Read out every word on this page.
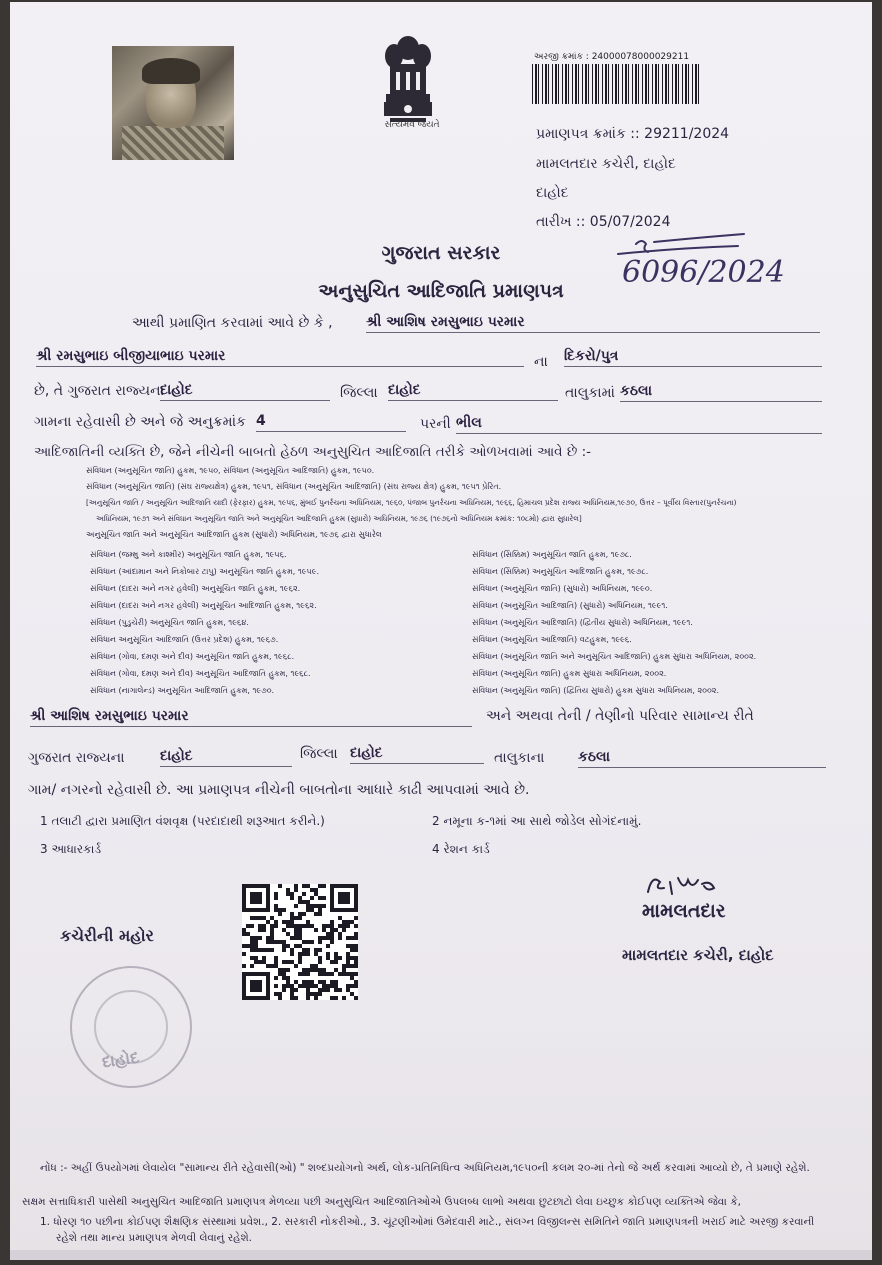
સત્યમેવ જયતે
અરજી ક્રમાંક : 24000078000029211
પ્રમાણપત્ર ક્રમાંક :: 29211/2024
મામલતદાર કચેરી, દાહોદ
દાહોદ
તારીખ :: 05/07/2024
6096/2024
ગુજરાત સરકાર
અનુસુચિત આદિજાતિ પ્રમાણપત્ર
આથી પ્રમાણિત કરવામાં આવે છે કે , શ્રી આશિષ રમસુભાઇ પરમાર
શ્રી રમસુભાઇ બીજીયાભાઇ પરમાર	ના દિકરો/પુત્ર
છે, તે ગુજરાત રાજ્યના
દાહોદ	જિલ્લા દાહોદ	તાલુકામાં કઠલા
ગામના રહેવાસી છે અને જે અનુક્રમાંક 4	પરની ભીલ
આદિજાતિની વ્યક્તિ છે, જેને નીચેની બાબતો હેઠળ અનુસુચિત આદિજાતિ તરીકે ઓળખવામાં આવે છે :-
સંવિધાન (અનુસૂચિત જાતિ) હુકમ, ૧૯૫૦, સંવિધાન (અનુસૂચિત આદિજાતિ) હુકમ, ૧૯૫૦.
સંવિધાન (અનુસૂચિત જાતિ) (સંઘ રાજ્યક્ષેત્ર) હુકમ, ૧૯૫૧, સંવિધાન (અનુસૂચિત આદિજાતિ) (સંઘ રાજ્ય ક્ષેત્ર) હુકમ, ૧૯૫૧ પ્રેરિત.
[અનુસૂચિત જાતિ / અનુસૂચિત આદિજાતિ યાદી (ફેરફાર) હુકમ, ૧૯૫૬, મુંબઈ પુનર્રચના અધિનિયમ, ૧૯૬૦, પંજાબ પુનર્રચના અધિનિયમ, ૧૯૬૬, હિમાચલ પ્રદેશ રાજ્ય અધિનિયમ,૧૯૭૦, ઉત્તર – પૂર્વીય વિસ્તાર(પુનર્રચના)
અધિનિયમ, ૧૯૭૧ અને સંવિધાન અનુસૂચિત જાતિ અને અનુસૂચિત આદિજાતિ હુકમ (સુધારો) અધિનિયમ, ૧૯૭૬ (૧૯૭૬નો અધિનિયમ ક્રમાંક: ૧૦૮મો) દ્વારા સુધારેલ]
અનુસૂચિત જાતિ અને અનુસૂચિત આદિજાતિ હુકમ (સુધારો) અધિનિયમ, ૧૯૭૬ દ્વારા સુધારેલ
સંવિધાન (જમ્મુ અને કાશ્મીર) અનુસૂચિત જાતિ હુકમ, ૧૯૫૬.
સંવિધાન (આંદામાન અને નિકોબાર ટાપુ) અનુસૂચિત જાતિ હુકમ, ૧૯૫૯.
સંવિધાન (દાદરા અને નગર હવેલી) અનુસૂચિત જાતિ હુકમ, ૧૯૬૨.
સંવિધાન (દાદરા અને નગર હવેલી) અનુસૂચિત આદિજાતિ હુકમ, ૧૯૬૨.
સંવિધાન (પુડુચેરી) અનુસૂચિત જાતિ હુકમ, ૧૯૬૪.
સંવિધાન અનુસૂચિત આદિજાતિ (ઉત્તર પ્રદેશ) હુકમ, ૧૯૬૭.
સંવિધાન (ગોવા, દમણ અને દીવ) અનુસૂચિત જાતિ હુકમ, ૧૯૬૮.
સંવિધાન (ગોવા, દમણ અને દીવ) અનુસૂચિત આદિજાતિ હુકમ, ૧૯૬૮.
સંવિધાન (નાગાલેન્ડ) અનુસૂચિત આદિજાતિ હુકમ, ૧૯૭૦.
સંવિધાન (સિક્કિમ) અનુસૂચિત જાતિ હુકમ, ૧૯૭૮.
સંવિધાન (સિક્કિમ) અનુસૂચિત આદિજાતિ હુકમ, ૧૯૭૮.
સંવિધાન (અનુસૂચિત જાતિ) (સુધારો) અધિનિયમ, ૧૯૯૦.
સંવિધાન (અનુસૂચિત આદિજાતિ) (સુધારો) અધિનિયમ, ૧૯૯૧.
સંવિધાન (અનુસૂચિત આદિજાતિ) (દ્વિતીય સુધારો) અધિનિયમ, ૧૯૯૧.
સંવિધાન (અનુસૂચિત આદિજાતિ) વટહુકમ, ૧૯૯૬.
સંવિધાન (અનુસૂચિત જાતિ અને અનુસૂચિત આદિજાતિ) હુકમ સુધારા અધિનિયમ, ૨૦૦૨.
સંવિધાન (અનુસૂચિત જાતિ) હુકમ સુધારા અધિનિયમ, ૨૦૦૨.
સંવિધાન (અનુસૂચિત જાતિ) (દ્વિતિય સુધારો) હુકમ સુધારા અધિનિયમ, ૨૦૦૨.
શ્રી આશિષ રમસુભાઇ પરમાર	અને અથવા તેની / તેણીનો પરિવાર સામાન્ય રીતે
ગુજરાત રાજ્યના	દાહોદ	જિલ્લા દાહોદ	તાલુકાના કઠલા
ગામ/ નગરનો રહેવાસી છે. આ પ્રમાણપત્ર નીચેની બાબતોના આધારે કાઢી આપવામાં આવે છે.
1 તલાટી દ્વારા પ્રમાણિત વંશવૃક્ષ (પરદાદાથી શરૂઆત કરીને.)	2 નમૂના ક-૧માં આ સાથે જોડેલ સોગંદનામું.
3 આધારકાર્ડ	4 રેશન કાર્ડ
કચેરીની મહોર
દાહોદ
મામલતદાર
મામલતદાર કચેરી, દાહોદ
નોંધ :- અહીં ઉપયોગમાં લેવાયેલ "સામાન્ય રીતે રહેવાસી(ઓ) " શબ્દપ્રયોગનો અર્થ, લોક-પ્રતિનિધિત્વ અધિનિયમ,૧૯૫૦ની કલમ ૨૦-માં તેનો જે અર્થ કરવામાં આવ્યો છે, તે પ્રમાણે રહેશે.
સક્ષમ સત્તાધિકારી પાસેથી અનુસુચિત આદિજાતિ પ્રમાણપત્ર મેળવ્યા પછી અનુસુચિત આદિજાતિઓએ ઉપલબ્ધ લાભો અથવા છુટછાટો લેવા ઇચ્છુક કોઈપણ વ્યક્તિએ જેવા કે,
1. ધોરણ ૧૦ પછીના કોઈપણ શૈક્ષણિક સંસ્થામાં પ્રવેશ., 2. સરકારી નોકરીઓ., 3. ચૂંટણીઓમાં ઉમેદવારી માટે., સંલગ્ન વિજીલન્સ સમિતિને જાતિ પ્રમાણપત્રની ખરાઈ માટે અરજી કરવાની
રહેશે તથા માન્ય પ્રમાણપત્ર મેળવી લેવાનું રહેશે.
